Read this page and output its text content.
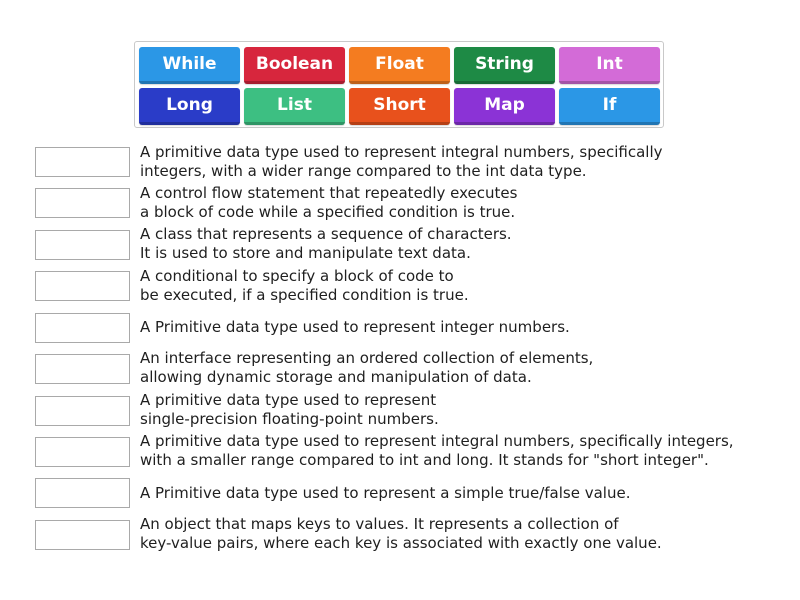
While	Boolean	Float	String	Int
Long	List	Short	Map	If
A primitive data type used to represent integral numbers, specifically
integers, with a wider range compared to the int data type.
A control flow statement that repeatedly executes
a block of code while a specified condition is true.
A class that represents a sequence of characters.
It is used to store and manipulate text data.
A conditional to specify a block of code to
be executed, if a specified condition is true.
A Primitive data type used to represent integer numbers.
An interface representing an ordered collection of elements,
allowing dynamic storage and manipulation of data.
A primitive data type used to represent
single-precision floating-point numbers.
A primitive data type used to represent integral numbers, specifically integers,
with a smaller range compared to int and long. It stands for "short integer".
A Primitive data type used to represent a simple true/false value.
An object that maps keys to values. It represents a collection of
key-value pairs, where each key is associated with exactly one value.
